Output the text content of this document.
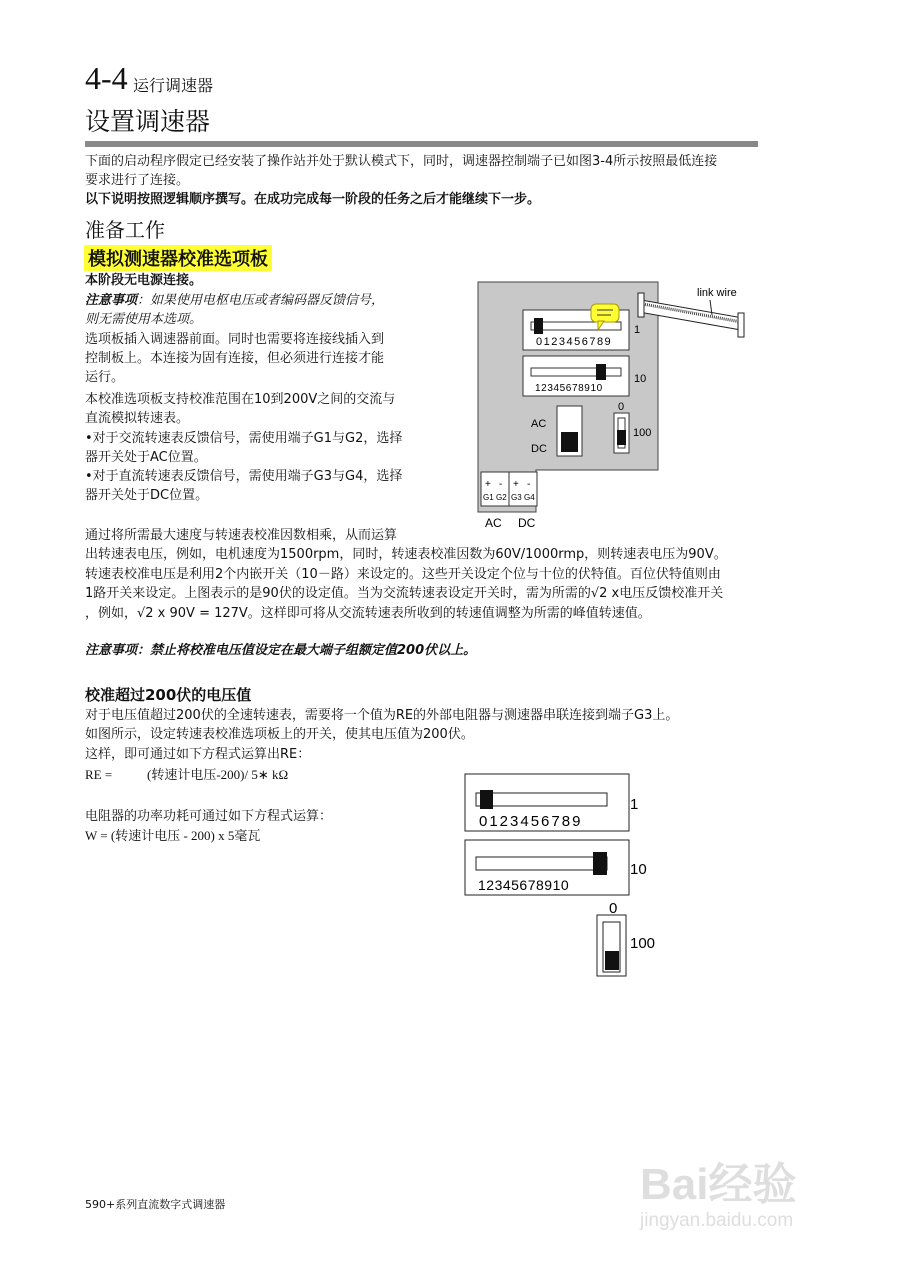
4-4 运行调速器
设置调速器
下面的启动程序假定已经安装了操作站并处于默认模式下，同时，调速器控制端子已如图3-4所示按照最低连接
要求进行了连接。
以下说明按照逻辑顺序撰写。在成功完成每一阶段的任务之后才能继续下一步。
准备工作
模拟测速器校准选项板
本阶段无电源连接。
注意事项：如果使用电枢电压或者编码器反馈信号，
则无需使用本选项。
选项板插入调速器前面。同时也需要将连接线插入到
控制板上。本连接为固有连接，但必须进行连接才能
运行。
本校准选项板支持校准范围在10到200V之间的交流与
直流模拟转速表。
•对于交流转速表反馈信号，需使用端子G1与G2，选择
器开关处于AC位置。
•对于直流转速表反馈信号，需使用端子G3与G4，选择
器开关处于DC位置。
通过将所需最大速度与转速表校准因数相乘，从而运算
出转速表电压，例如，电机速度为1500rpm，同时，转速表校准因数为60V/1000rmp，则转速表电压为90V。
转速表校准电压是利用2个内嵌开关（10－路）来设定的。这些开关设定个位与十位的伏特值。百位伏特值则由
1路开关来设定。上图表示的是90伏的设定值。当为交流转速表设定开关时，需为所需的√2 x电压反馈校准开关
，例如，√2 x 90V = 127V。这样即可将从交流转速表所收到的转速值调整为所需的峰值转速值。
注意事项：禁止将校准电压值设定在最大端子组额定值200伏以上。
校准超过200伏的电压值
对于电压值超过200伏的全速转速表，需要将一个值为RE的外部电阻器与测速器串联连接到端子G3上。
如图所示，设定转速表校准选项板上的开关，使其电压值为200伏。
这样，即可通过如下方程式运算出RE：
RE =	(转速计电压-200)/ 5∗ kΩ
电阻器的功率功耗可通过如下方程式运算：
W = (转速计电压 - 200) x 5毫瓦
link wire
0123456789
1
12345678910
10
AC
DC
0
100
+ - + -
G1 G2 G3 G4
AC DC
0123456789
1
12345678910
10
0
100
590+系列直流数字式调速器	Bai经验
jingyan.baidu.com
